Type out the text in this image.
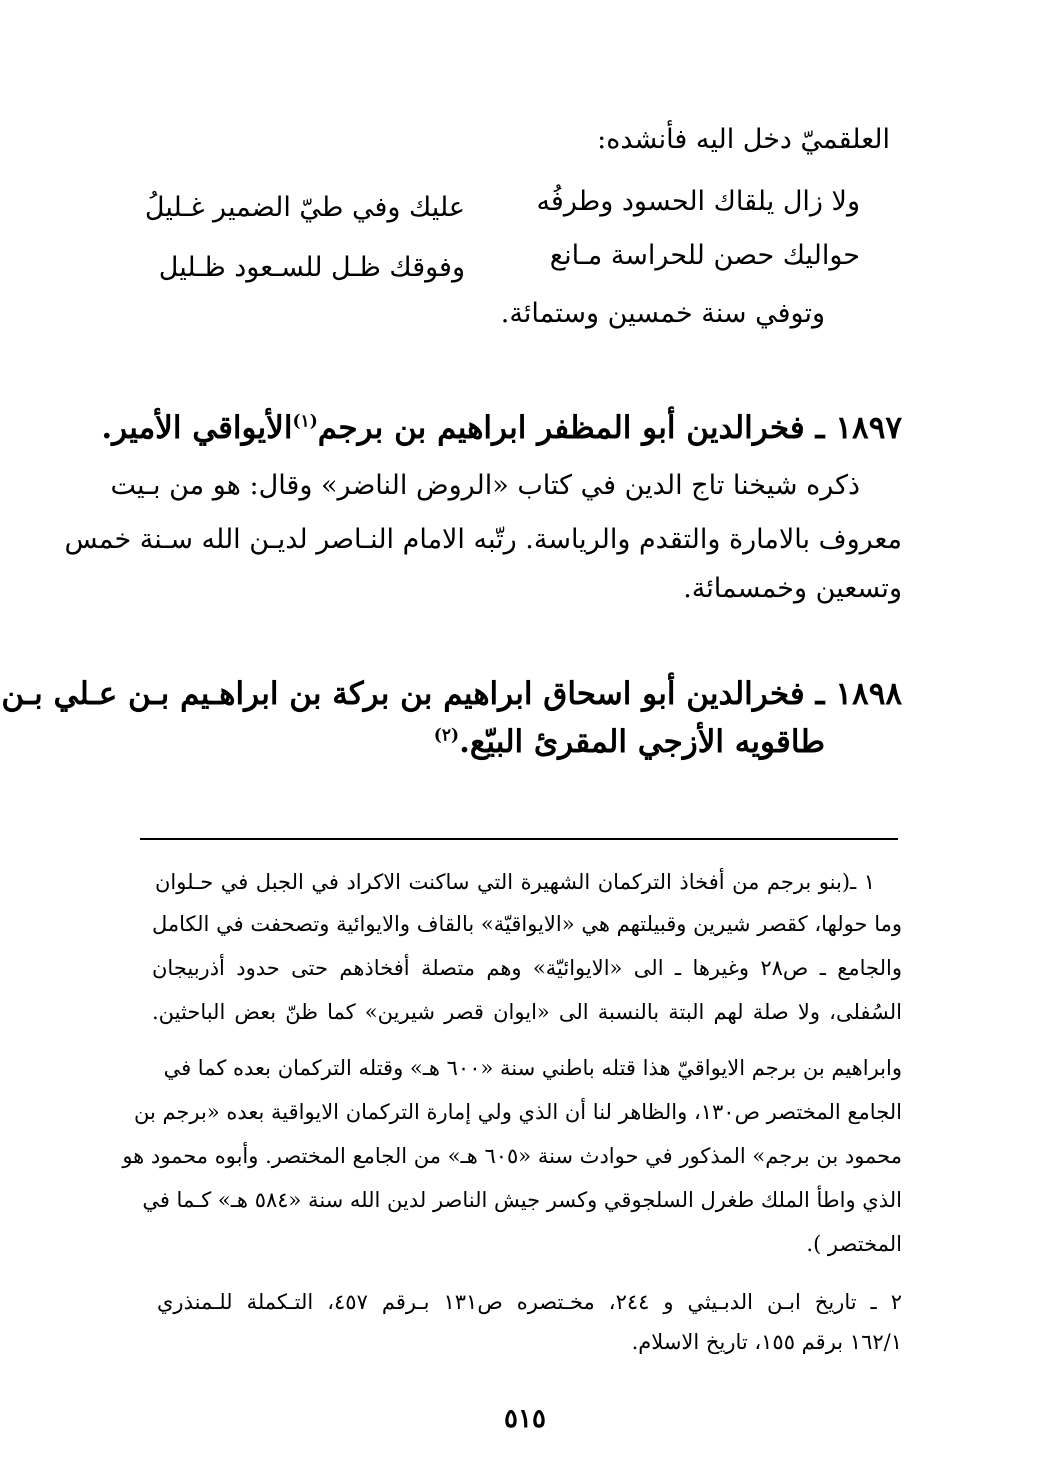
العلقميّ دخل اليه فأنشده:

ولا زال يلقاك الحسود وطرفُه

عليك وفي طيّ الضمير غـليلُ

حواليك حصن للحراسة مـانع

وفوقك ظـل للسـعود ظـليل

وتوفي سنة خمسين وستمائة.

١٨٩٧ ـ فخرالدين أبو المظفر ابراهيم بن برجم$^{(١)}$الأيواقي الأمير.

ذكره شيخنا تاج الدين في كتاب «الروض الناضر» وقال: هو من بـيت

معروف بالامارة والتقدم والرياسة. رتّبه الامام النـاصر لديـن الله سـنة خمس

وتسعين وخمسمائة.

١٨٩٨ ـ فخرالدين أبو اسحاق ابراهيم بن بركة بن ابراهـيم بـن عـلي بـن

طاقويه الأزجي المقرئ البيّع.$^{(٢)}$

١ ـ(بنو برجم من أفخاذ التركمان الشهيرة التي ساكنت الاكراد في الجبل في حـلوان

وما حولها، كقصر شيرين وقبيلتهم هي «الايواقيّة» بالقاف والايوائية وتصحفت في الكامل

والجامع ـ ص٢٨ وغيرها ـ الى «الايوائيّة» وهم متصلة أفخاذهم حتى حدود أذربيجان

السُفلى، ولا صلة لهم البتة بالنسبة الى «ايوان قصر شيرين» كما ظنّ بعض الباحثين.

وابراهيم بن برجم الايواقيّ هذا قتله باطني سنة «٦٠٠ هـ» وقتله التركمان بعده كما في

الجامع المختصر ص١٣٠، والظاهر لنا أن الذي ولي إمارة التركمان الايواقية بعده «برجم بن

محمود بن برجم» المذكور في حوادث سنة «٦٠٥ هـ» من الجامع المختصر. وأبوه محمود هو

الذي واطأ الملك طغرل السلجوقي وكسر جيش الناصر لدين الله سنة «٥٨٤ هـ» كـما في

المختصر ).

٢ ـ تاريخ ابـن الدبـيثي و ٢٤٤، مخـتصره ص١٣١ بـرقم ٤٥٧، التـكملة للـمنذري

١٦٢/١ برقم ١٥٥، تاريخ الاسلام.

٥١٥
